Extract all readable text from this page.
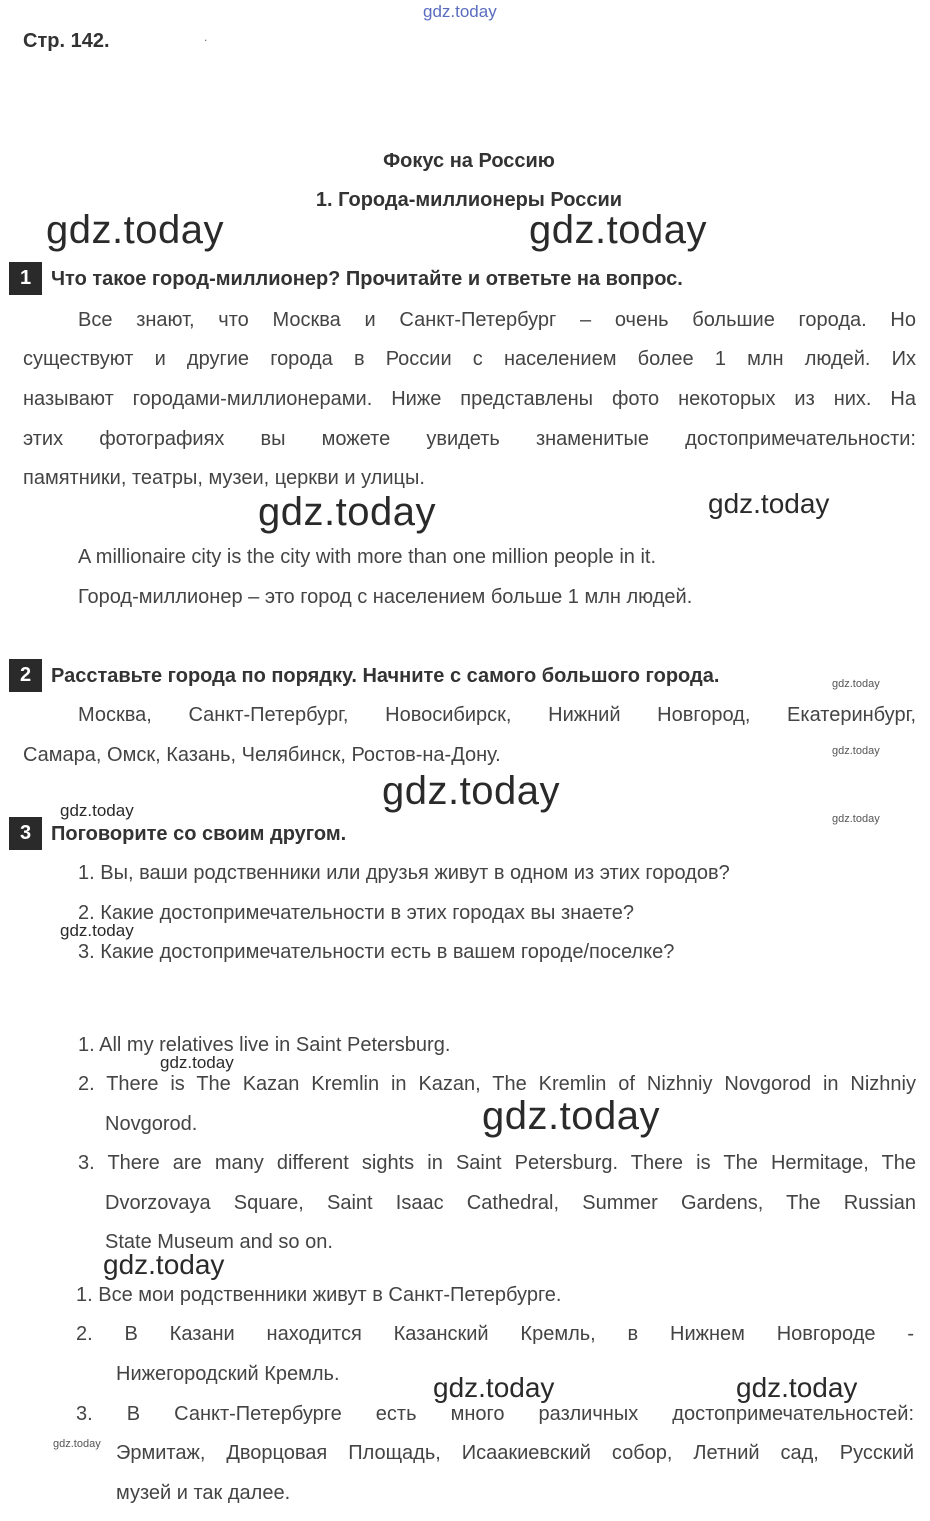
gdz.today
gdz.today	gdz.today
gdz.today	gdz.today
gdz.today
gdz.today
gdz.today
gdz.today	gdz.today
gdz.today
gdz.today
gdz.today
gdz.today
gdz.today	gdz.today
gdz.today
Стр. 142.	.
Фокус на Россию
1. Города-миллионеры России
1 Что такое город-миллионер? Прочитайте и ответьте на вопрос.
Все знают, что Москва и Санкт-Петербург – очень большие города. Но
существуют и другие города в России с населением более 1 млн людей. Их
называют городами-миллионерами. Ниже представлены фото некоторых из них. На
этих фотографиях вы можете увидеть знаменитые достопримечательности:
памятники, театры, музеи, церкви и улицы.
A millionaire city is the city with more than one million people in it.
Город-миллионер – это город с населением больше 1 млн людей.
2 Расставьте города по порядку. Начните с самого большого города.
Москва, Санкт-Петербург, Новосибирск, Нижний Новгород, Екатеринбург,
Самара, Омск, Казань, Челябинск, Ростов-на-Дону.
3 Поговорите со своим другом.
1. Вы, ваши родственники или друзья живут в одном из этих городов?
2. Какие достопримечательности в этих городах вы знаете?
3. Какие достопримечательности есть в вашем городе/поселке?
1. All my relatives live in Saint Petersburg.
2. There is The Kazan Kremlin in Kazan, The Kremlin of Nizhniy Novgorod in Nizhniy
Novgorod.
3. There are many different sights in Saint Petersburg. There is The Hermitage, The
Dvorzovaya Square, Saint Isaac Cathedral, Summer Gardens, The Russian
State Museum and so on.
1. Все мои родственники живут в Санкт-Петербурге.
2. В Казани находится Казанский Кремль, в Нижнем Новгороде -
Нижегородский Кремль.
3. В Санкт-Петербурге есть много различных достопримечательностей:
Эрмитаж, Дворцовая Площадь, Исаакиевский собор, Летний сад, Русский
музей и так далее.
